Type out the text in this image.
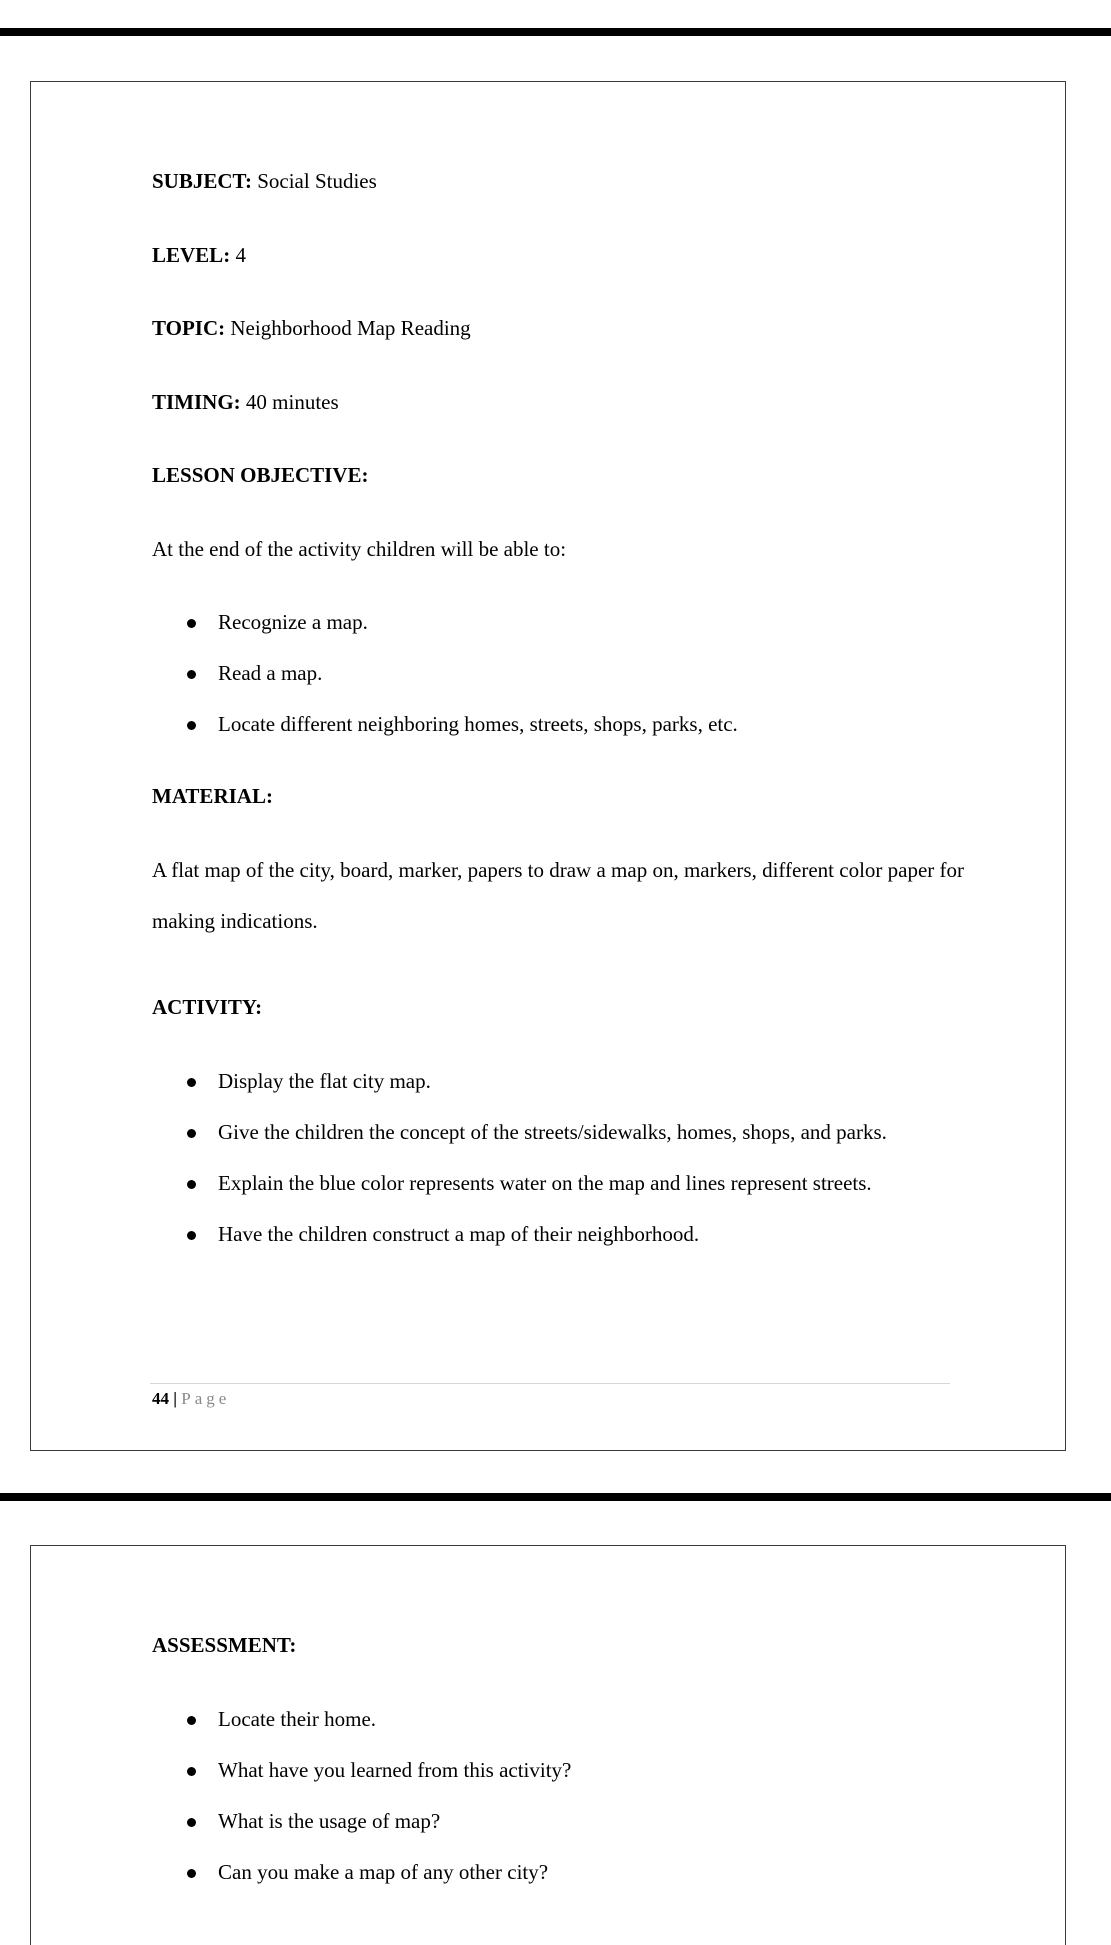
SUBJECT: Social Studies
LEVEL: 4
TOPIC: Neighborhood Map Reading
TIMING: 40 minutes
LESSON OBJECTIVE:
At the end of the activity children will be able to:
Recognize a map.
Read a map.
Locate different neighboring homes, streets, shops, parks, etc.
MATERIAL:
A flat map of the city, board, marker, papers to draw a map on, markers, different color paper for making indications.
ACTIVITY:
Display the flat city map.
Give the children the concept of the streets/sidewalks, homes, shops, and parks.
Explain the blue color represents water on the map and lines represent streets.
Have the children construct a map of their neighborhood.
44 | Page
ASSESSMENT:
Locate their home.
What have you learned from this activity?
What is the usage of map?
Can you make a map of any other city?
